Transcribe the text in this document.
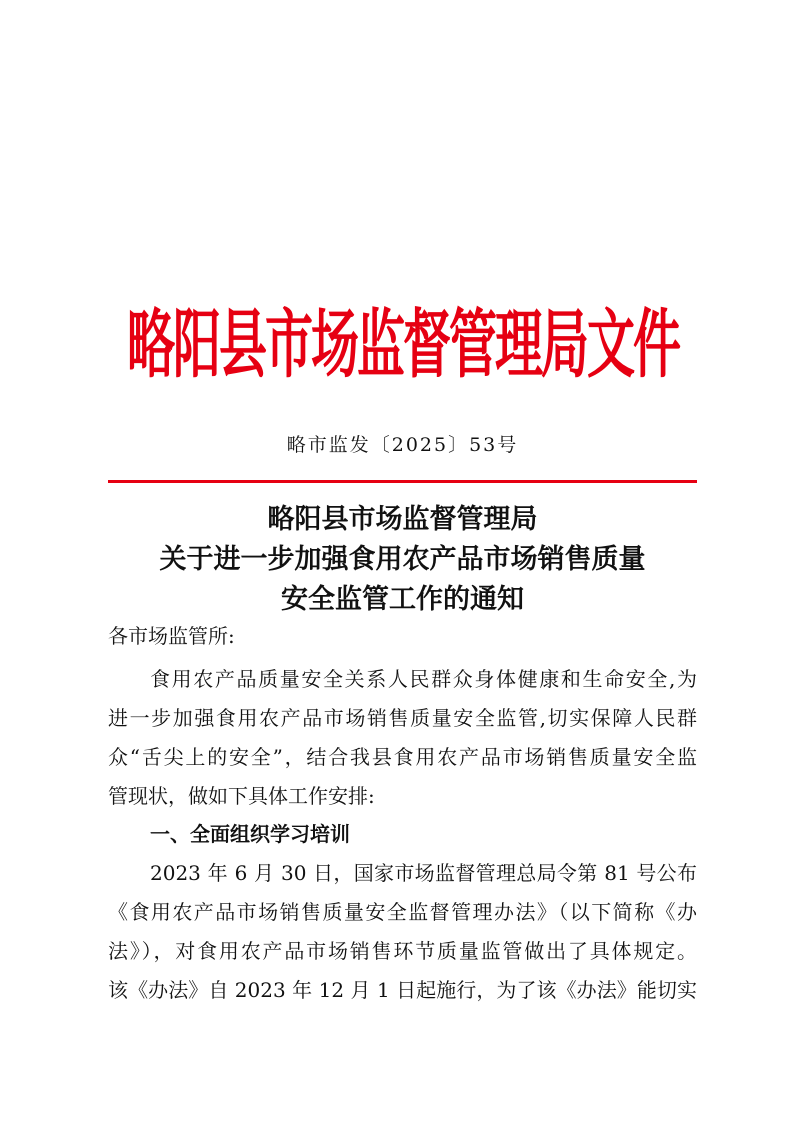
略阳县市场监督管理局文件
略市监发〔2025〕53号
略阳县市场监督管理局
关于进一步加强食用农产品市场销售质量
安全监管工作的通知
各市场监管所:
食用农产品质量安全关系人民群众身体健康和生命安全,为
进一步加强食用农产品市场销售质量安全监管,切实保障人民群
众“舌尖上的安全”，结合我县食用农产品市场销售质量安全监
管现状，做如下具体工作安排:
一、全面组织学习培训
2023 年 6 月 30 日，国家市场监督管理总局令第 81 号公布
《食用农产品市场销售质量安全监督管理办法》（以下简称《办
法》），对食用农产品市场销售环节质量监管做出了具体规定。
该《办法》自 2023 年 12 月 1 日起施行，为了该《办法》能切实
